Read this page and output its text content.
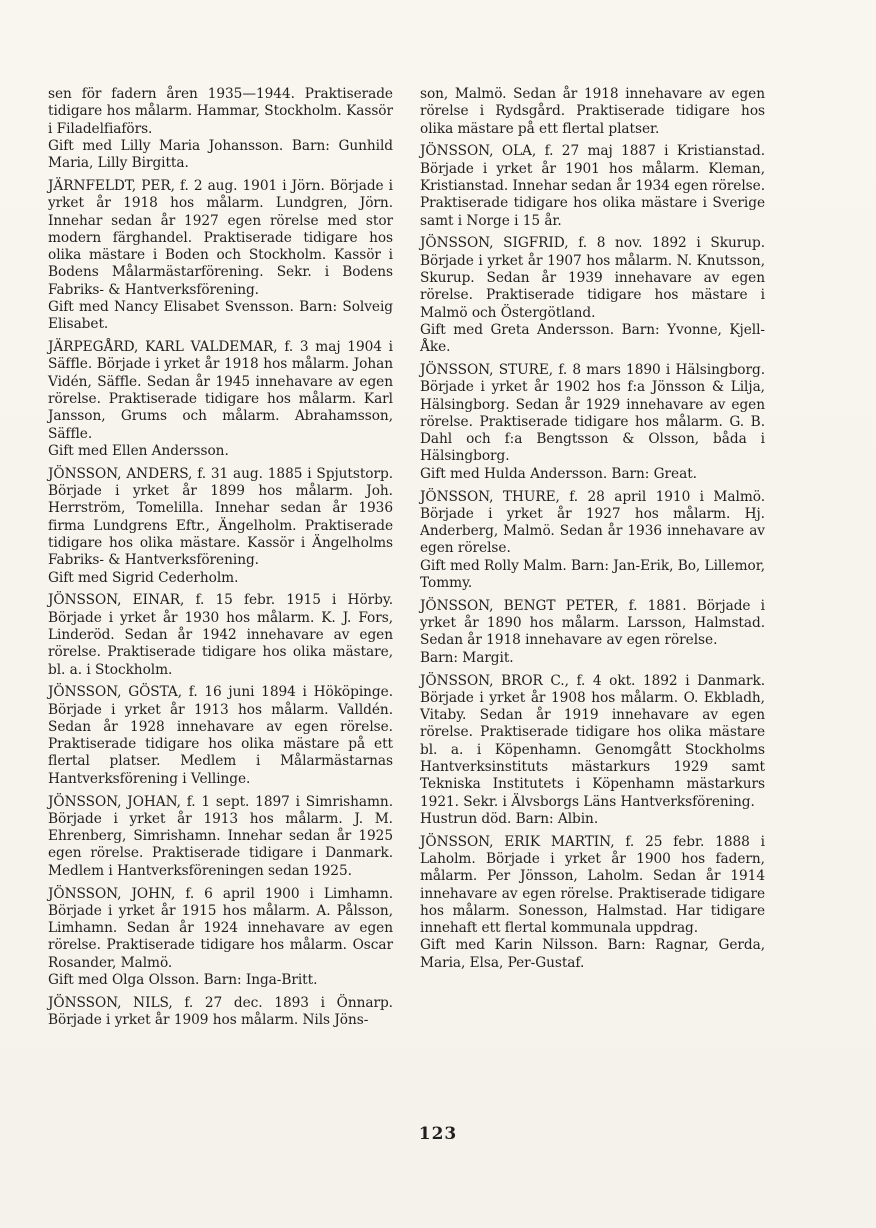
sen för fadern åren 1935—1944. Praktiserade tidigare hos målarm. Hammar, Stockholm. Kassör i Filadelfiaförs.
Gift med Lilly Maria Johansson. Barn: Gunhild Maria, Lilly Birgitta.
JÄRNFELDT, PER, f. 2 aug. 1901 i Jörn. Började i yrket år 1918 hos målarm. Lundgren, Jörn. Innehar sedan år 1927 egen rörelse med stor modern färghandel. Praktiserade tidigare hos olika mästare i Boden och Stockholm. Kassör i Bodens Målarmästarförening. Sekr. i Bodens Fabriks- & Hantverksförening.
Gift med Nancy Elisabet Svensson. Barn: Solveig Elisabet.
JÄRPEGÅRD, KARL VALDEMAR, f. 3 maj 1904 i Säffle. Började i yrket år 1918 hos målarm. Johan Vidén, Säffle. Sedan år 1945 innehavare av egen rörelse. Praktiserade tidigare hos målarm. Karl Jansson, Grums och målarm. Abrahamsson, Säffle.
Gift med Ellen Andersson.
JÖNSSON, ANDERS, f. 31 aug. 1885 i Spjutstorp. Började i yrket år 1899 hos målarm. Joh. Herrström, Tomelilla. Innehar sedan år 1936 firma Lundgrens Eftr., Ängelholm. Praktiserade tidigare hos olika mästare. Kassör i Ängelholms Fabriks- & Hantverksförening.
Gift med Sigrid Cederholm.
JÖNSSON, EINAR, f. 15 febr. 1915 i Hörby. Började i yrket år 1930 hos målarm. K. J. Fors, Linderöd. Sedan år 1942 innehavare av egen rörelse. Praktiserade tidigare hos olika mästare, bl. a. i Stockholm.
JÖNSSON, GÖSTA, f. 16 juni 1894 i Hököpinge. Började i yrket år 1913 hos målarm. Valldén. Sedan år 1928 innehavare av egen rörelse. Praktiserade tidigare hos olika mästare på ett flertal platser. Medlem i Målarmästarnas Hantverksförening i Vellinge.
JÖNSSON, JOHAN, f. 1 sept. 1897 i Simrishamn. Började i yrket år 1913 hos målarm. J. M. Ehrenberg, Simrishamn. Innehar sedan år 1925 egen rörelse. Praktiserade tidigare i Danmark. Medlem i Hantverksföreningen sedan 1925.
JÖNSSON, JOHN, f. 6 april 1900 i Limhamn. Började i yrket år 1915 hos målarm. A. Pålsson, Limhamn. Sedan år 1924 innehavare av egen rörelse. Praktiserade tidigare hos målarm. Oscar Rosander, Malmö.
Gift med Olga Olsson. Barn: Inga-Britt.
JÖNSSON, NILS, f. 27 dec. 1893 i Önnarp. Började i yrket år 1909 hos målarm. Nils Jöns-
son, Malmö. Sedan år 1918 innehavare av egen rörelse i Rydsgård. Praktiserade tidigare hos olika mästare på ett flertal platser.
JÖNSSON, OLA, f. 27 maj 1887 i Kristianstad. Började i yrket år 1901 hos målarm. Kleman, Kristianstad. Innehar sedan år 1934 egen rörelse. Praktiserade tidigare hos olika mästare i Sverige samt i Norge i 15 år.
JÖNSSON, SIGFRID, f. 8 nov. 1892 i Skurup. Började i yrket år 1907 hos målarm. N. Knutsson, Skurup. Sedan år 1939 innehavare av egen rörelse. Praktiserade tidigare hos mästare i Malmö och Östergötland.
Gift med Greta Andersson. Barn: Yvonne, Kjell-Åke.
JÖNSSON, STURE, f. 8 mars 1890 i Hälsingborg. Började i yrket år 1902 hos f:a Jönsson & Lilja, Hälsingborg. Sedan år 1929 innehavare av egen rörelse. Praktiserade tidigare hos målarm. G. B. Dahl och f:a Bengtsson & Olsson, båda i Hälsingborg.
Gift med Hulda Andersson. Barn: Great.
JÖNSSON, THURE, f. 28 april 1910 i Malmö. Började i yrket år 1927 hos målarm. Hj. Anderberg, Malmö. Sedan år 1936 innehavare av egen rörelse.
Gift med Rolly Malm. Barn: Jan-Erik, Bo, Lillemor, Tommy.
JÖNSSON, BENGT PETER, f. 1881. Började i yrket år 1890 hos målarm. Larsson, Halmstad. Sedan år 1918 innehavare av egen rörelse.
Barn: Margit.
JÖNSSON, BROR C., f. 4 okt. 1892 i Danmark. Började i yrket år 1908 hos målarm. O. Ekbladh, Vitaby. Sedan år 1919 innehavare av egen rörelse. Praktiserade tidigare hos olika mästare bl. a. i Köpenhamn. Genomgått Stockholms Hantverksinstituts mästarkurs 1929 samt Tekniska Institutets i Köpenhamn mästarkurs 1921. Sekr. i Älvsborgs Läns Hantverksförening.
Hustrun död. Barn: Albin.
JÖNSSON, ERIK MARTIN, f. 25 febr. 1888 i Laholm. Började i yrket år 1900 hos fadern, målarm. Per Jönsson, Laholm. Sedan år 1914 innehavare av egen rörelse. Praktiserade tidigare hos målarm. Sonesson, Halmstad. Har tidigare innehaft ett flertal kommunala uppdrag.
Gift med Karin Nilsson. Barn: Ragnar, Gerda, Maria, Elsa, Per-Gustaf.
123
